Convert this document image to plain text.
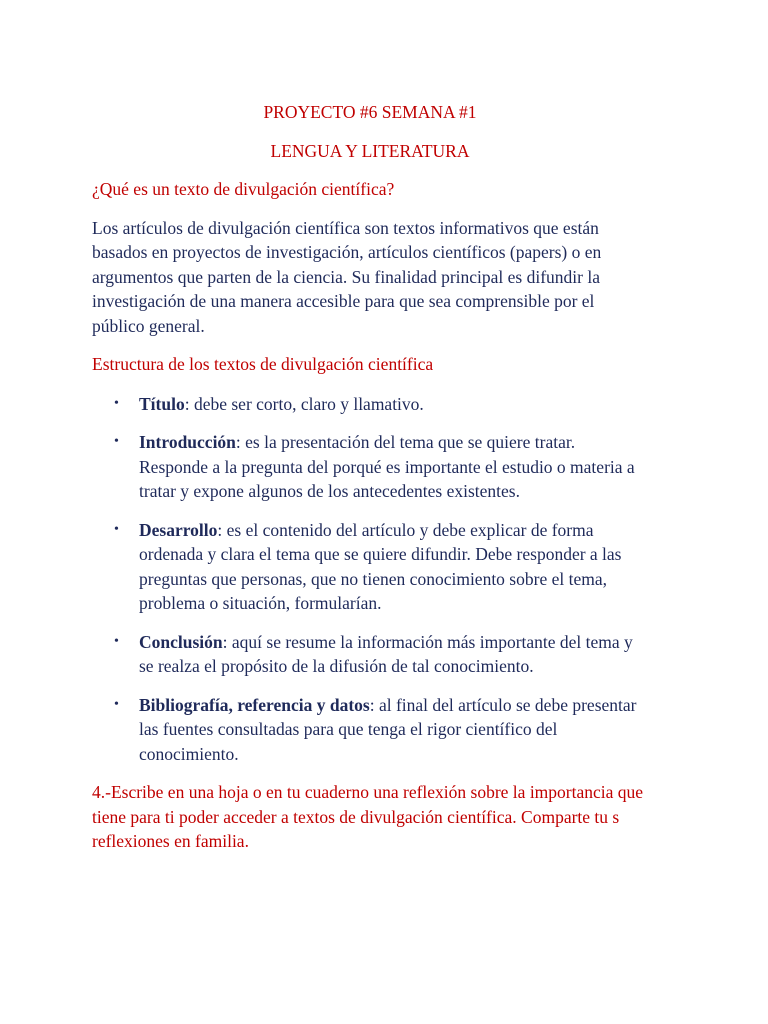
PROYECTO #6 SEMANA #1

LENGUA Y LITERATURA

¿Qué es un texto de divulgación científica?

Los artículos de divulgación científica son textos informativos que están basados en proyectos de investigación, artículos científicos (papers) o en argumentos que parten de la ciencia. Su finalidad principal es difundir la investigación de una manera accesible para que sea comprensible por el público general.

Estructura de los textos de divulgación científica

• Título: debe ser corto, claro y llamativo.
• Introducción: es la presentación del tema que se quiere tratar. Responde a la pregunta del porqué es importante el estudio o materia a tratar y expone algunos de los antecedentes existentes.
• Desarrollo: es el contenido del artículo y debe explicar de forma ordenada y clara el tema que se quiere difundir. Debe responder a las preguntas que personas, que no tienen conocimiento sobre el tema, problema o situación, formularían.
• Conclusión: aquí se resume la información más importante del tema y se realza el propósito de la difusión de tal conocimiento.
• Bibliografía, referencia y datos: al final del artículo se debe presentar las fuentes consultadas para que tenga el rigor científico del conocimiento.

4.-Escribe en una hoja o en tu cuaderno una reflexión sobre la importancia que tiene para ti poder acceder a textos de divulgación científica. Comparte tu s reflexiones en familia.
